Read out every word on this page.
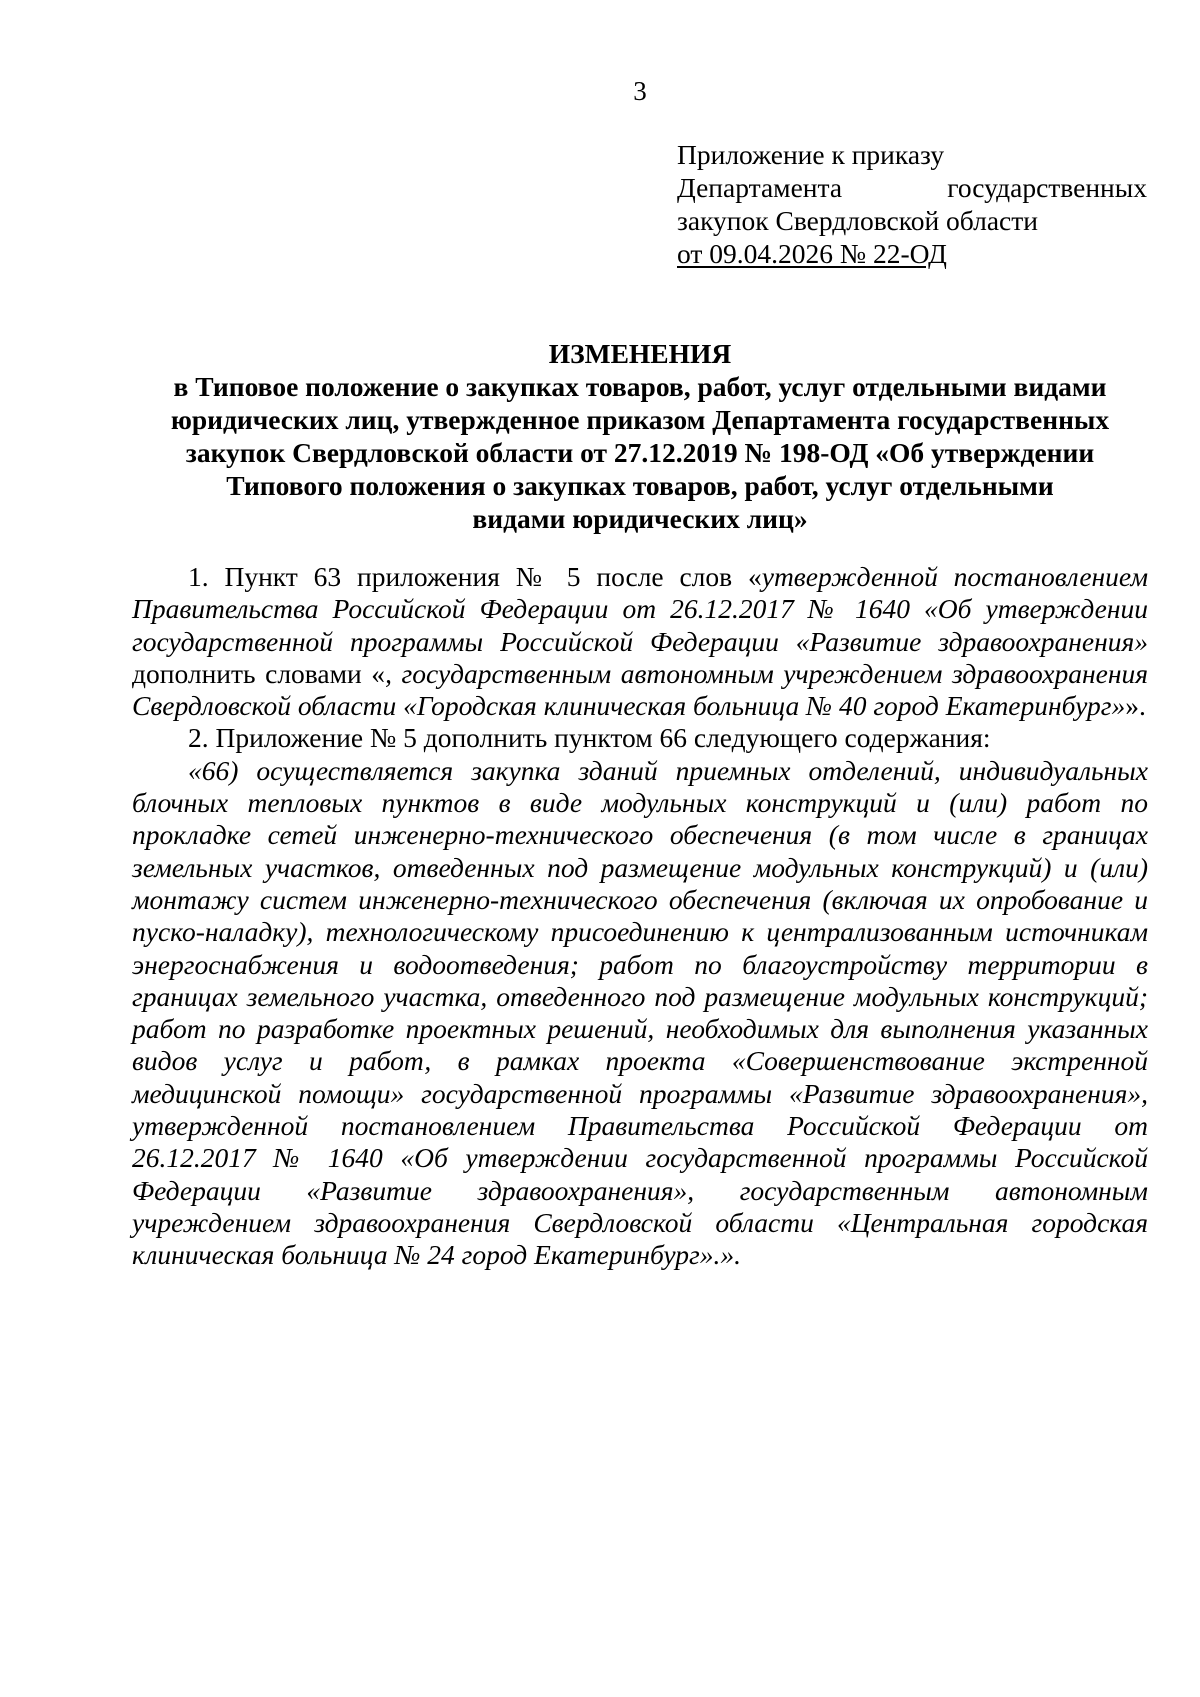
3
Приложение к приказу
Департамента государственных
закупок Свердловской области
от 09.04.2026 № 22-ОД
ИЗМЕНЕНИЯ
в Типовое положение о закупках товаров, работ, услуг отдельными видами
юридических лиц, утвержденное приказом Департамента государственных
закупок Свердловской области от 27.12.2019 № 198-ОД «Об утверждении
Типового положения о закупках товаров, работ, услуг отдельными
видами юридических лиц»

1. Пункт 63 приложения № 5 после слов «утвержденной постановлением Правительства Российской Федерации от 26.12.2017 № 1640 «Об утверждении государственной программы Российской Федерации «Развитие здравоохранения» дополнить словами «, государственным автономным учреждением здравоохранения Свердловской области «Городская клиническая больница № 40 город Екатеринбург»».

2. Приложение № 5 дополнить пунктом 66 следующего содержания:

«66) осуществляется закупка зданий приемных отделений, индивидуальных блочных тепловых пунктов в виде модульных конструкций и (или) работ по прокладке сетей инженерно-технического обеспечения (в том числе в границах земельных участков, отведенных под размещение модульных конструкций) и (или) монтажу систем инженерно-технического обеспечения (включая их опробование и пуско-наладку), технологическому присоединению к централизованным источникам энергоснабжения и водоотведения; работ по благоустройству территории в границах земельного участка, отведенного под размещение модульных конструкций; работ по разработке проектных решений, необходимых для выполнения указанных видов услуг и работ, в рамках проекта «Совершенствование экстренной медицинской помощи» государственной программы «Развитие здравоохранения», утвержденной постановлением Правительства Российской Федерации от 26.12.2017 № 1640 «Об утверждении государственной программы Российской Федерации «Развитие здравоохранения», государственным автономным учреждением здравоохранения Свердловской области «Центральная городская клиническая больница № 24 город Екатеринбург».».
